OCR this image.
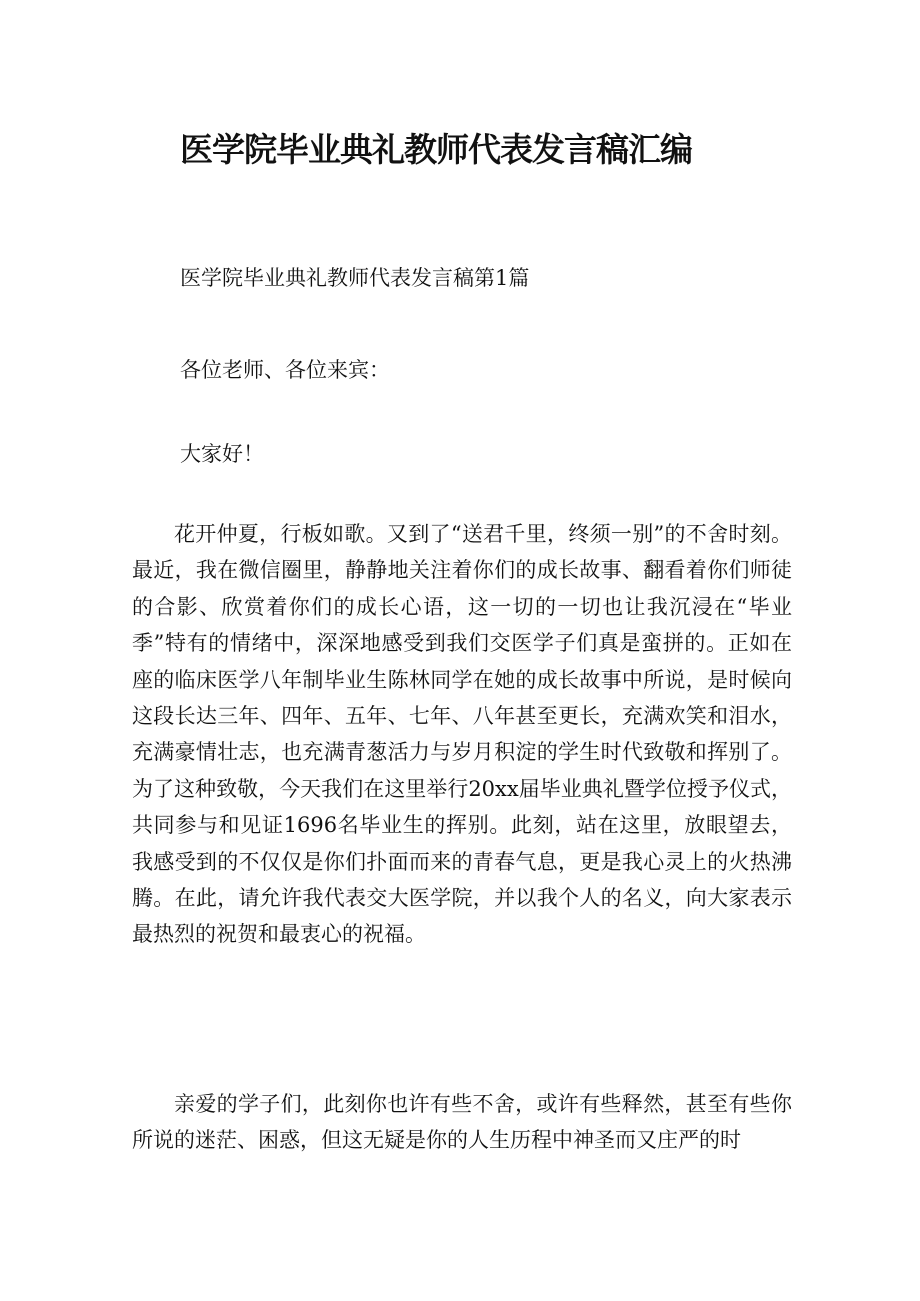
医学院毕业典礼教师代表发言稿汇编

医学院毕业典礼教师代表发言稿第1篇

各位老师、各位来宾：

大家好！

花开仲夏，行板如歌。又到了“送君千里，终须一别”的不舍时刻。最近，我在微信圈里，静静地关注着你们的成长故事、翻看着你们师徒的合影、欣赏着你们的成长心语，这一切的一切也让我沉浸在“毕业季”特有的情绪中，深深地感受到我们交医学子们真是蛮拼的。正如在座的临床医学八年制毕业生陈林同学在她的成长故事中所说，是时候向这段长达三年、四年、五年、七年、八年甚至更长，充满欢笑和泪水，充满豪情壮志，也充满青葱活力与岁月积淀的学生时代致敬和挥别了。为了这种致敬，今天我们在这里举行20xx届毕业典礼暨学位授予仪式，共同参与和见证1696名毕业生的挥别。此刻，站在这里，放眼望去，我感受到的不仅仅是你们扑面而来的青春气息，更是我心灵上的火热沸腾。在此，请允许我代表交大医学院，并以我个人的名义，向大家表示最热烈的祝贺和最衷心的祝福。

亲爱的学子们，此刻你也许有些不舍，或许有些释然，甚至有些你所说的迷茫、困惑，但这无疑是你的人生历程中神圣而又庄严的时
